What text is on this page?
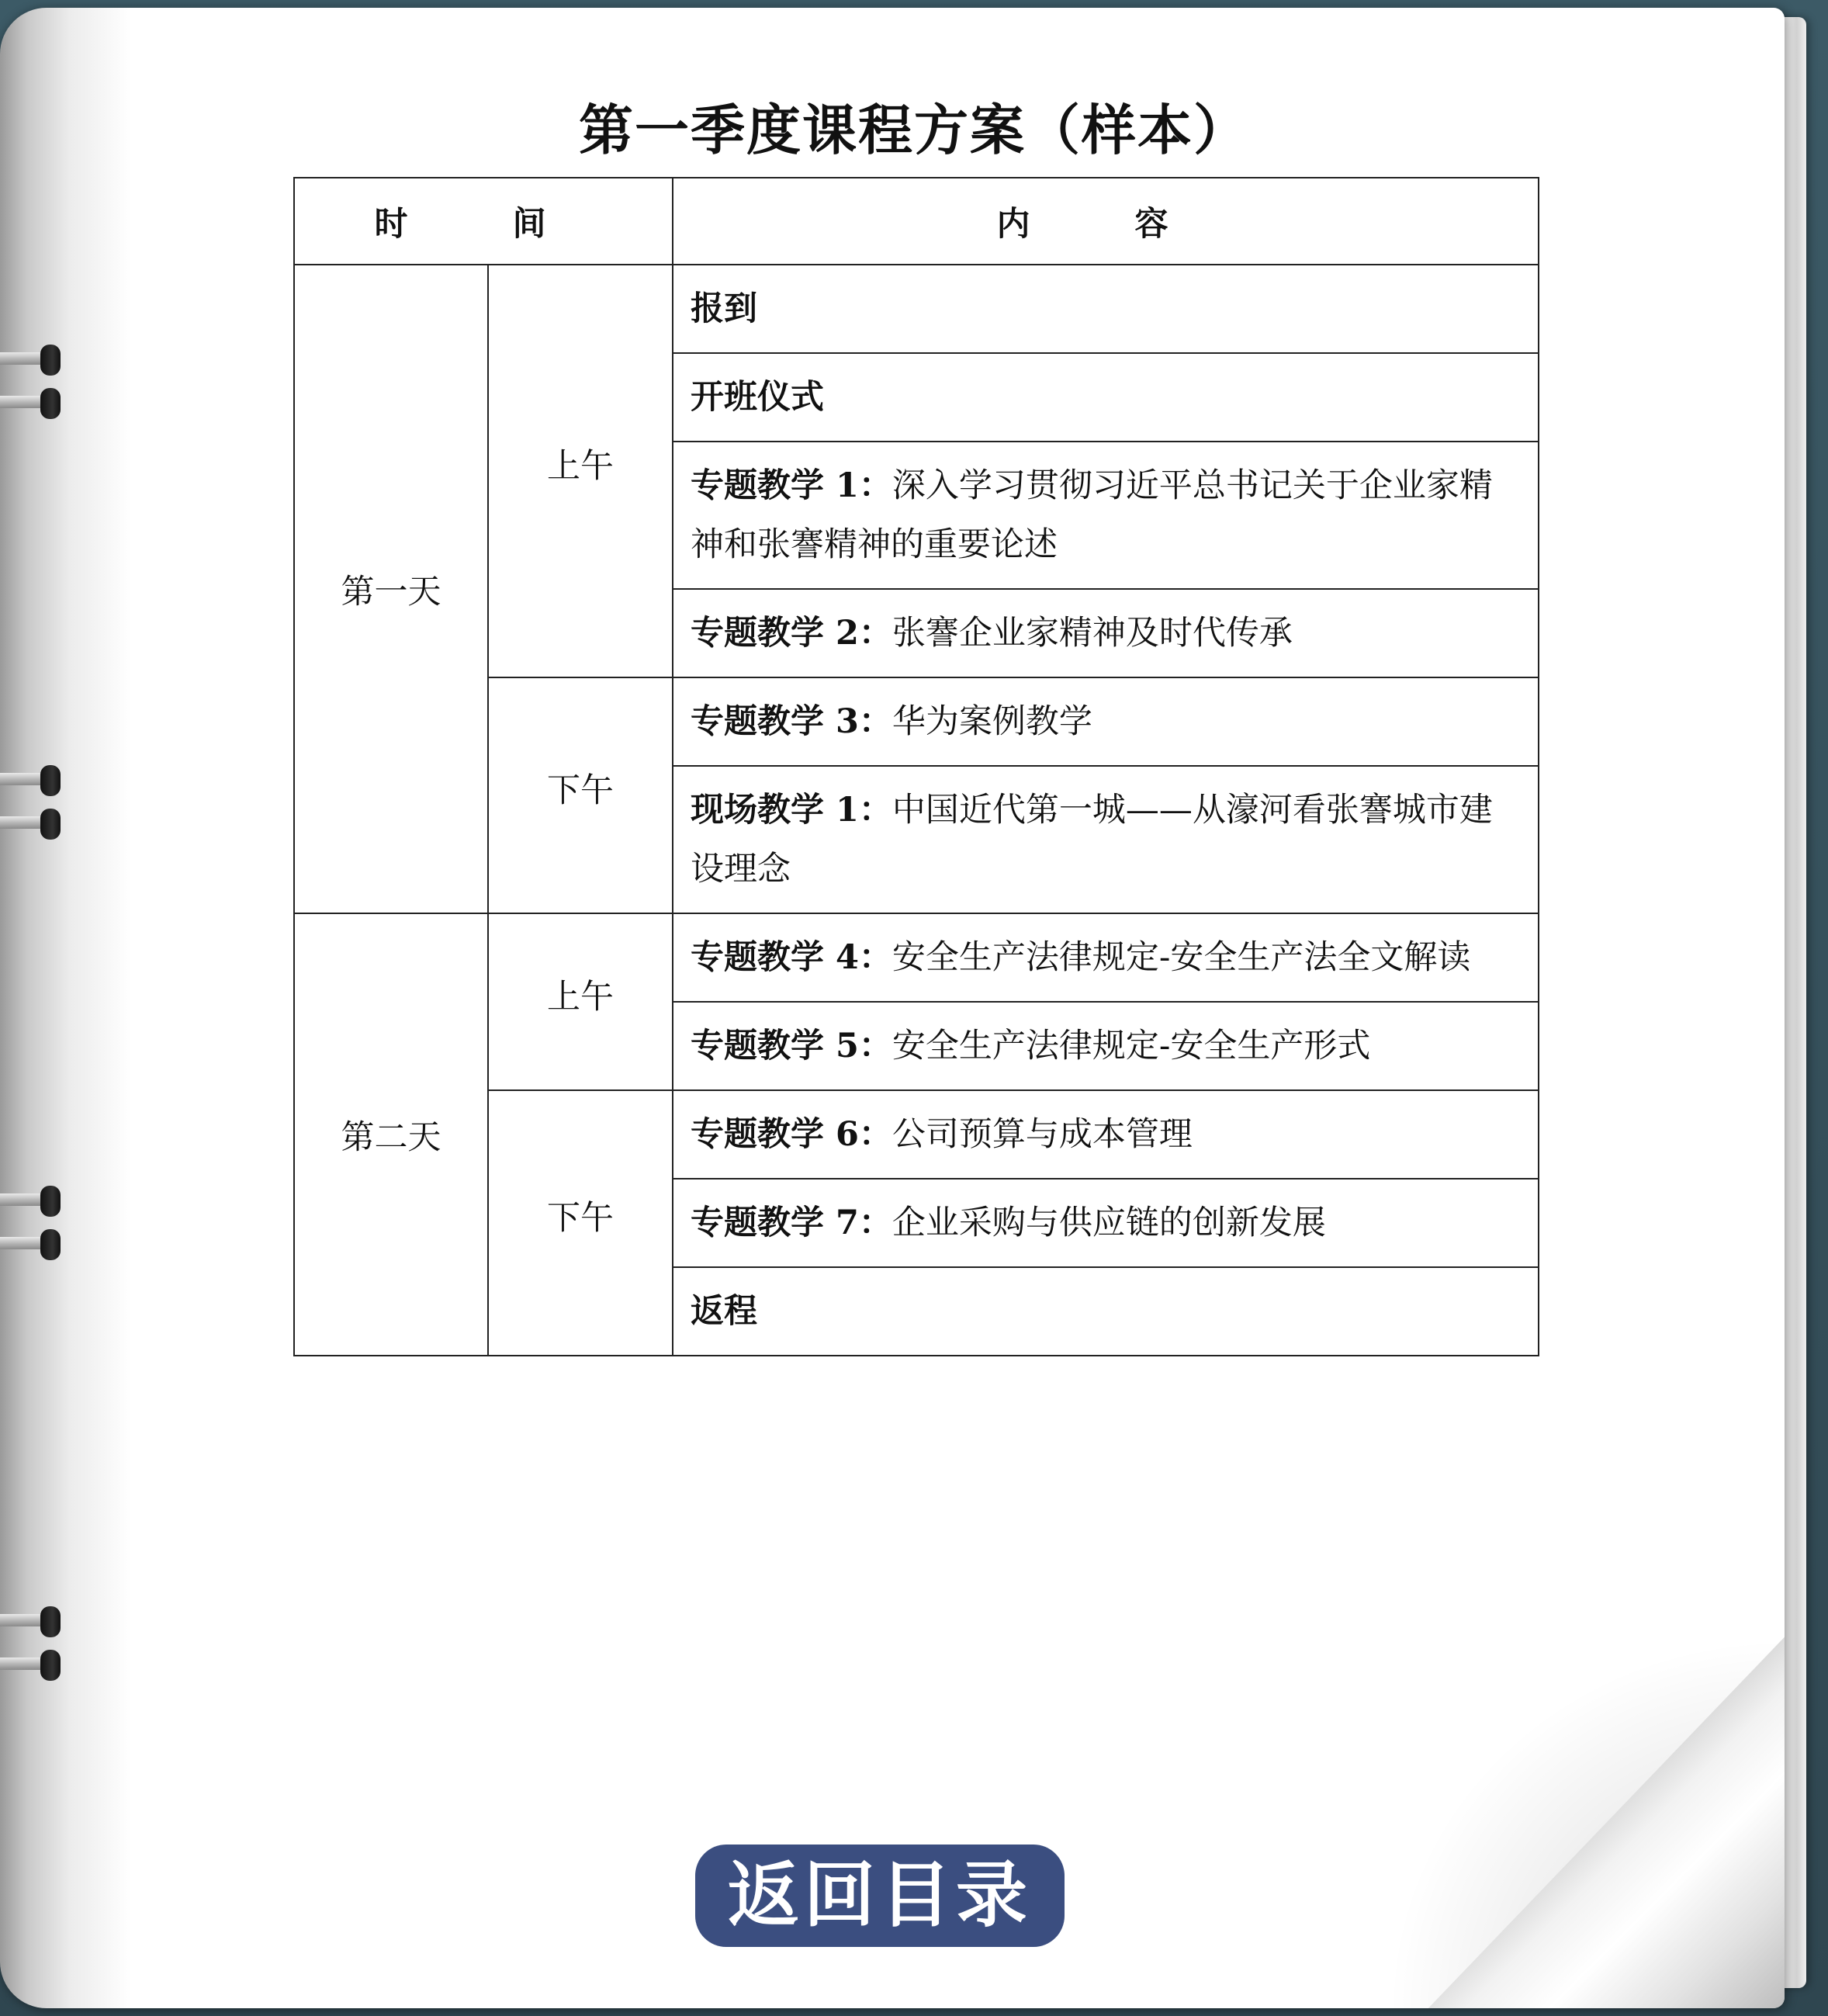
第一季度课程方案（样本）
时 间		内 容
第一天	上午	报到
		开班仪式
		专题教学 1：深入学习贯彻习近平总书记关于企业家精神和张謇精神的重要论述
		专题教学 2：张謇企业家精神及时代传承
	下午	专题教学 3：华为案例教学
		现场教学 1：中国近代第一城——从濠河看张謇城市建设理念
第二天	上午	专题教学 4：安全生产法律规定-安全生产法全文解读
		专题教学 5：安全生产法律规定-安全生产形式
	下午	专题教学 6：公司预算与成本管理
		专题教学 7：企业采购与供应链的创新发展
		返程
返回目录
